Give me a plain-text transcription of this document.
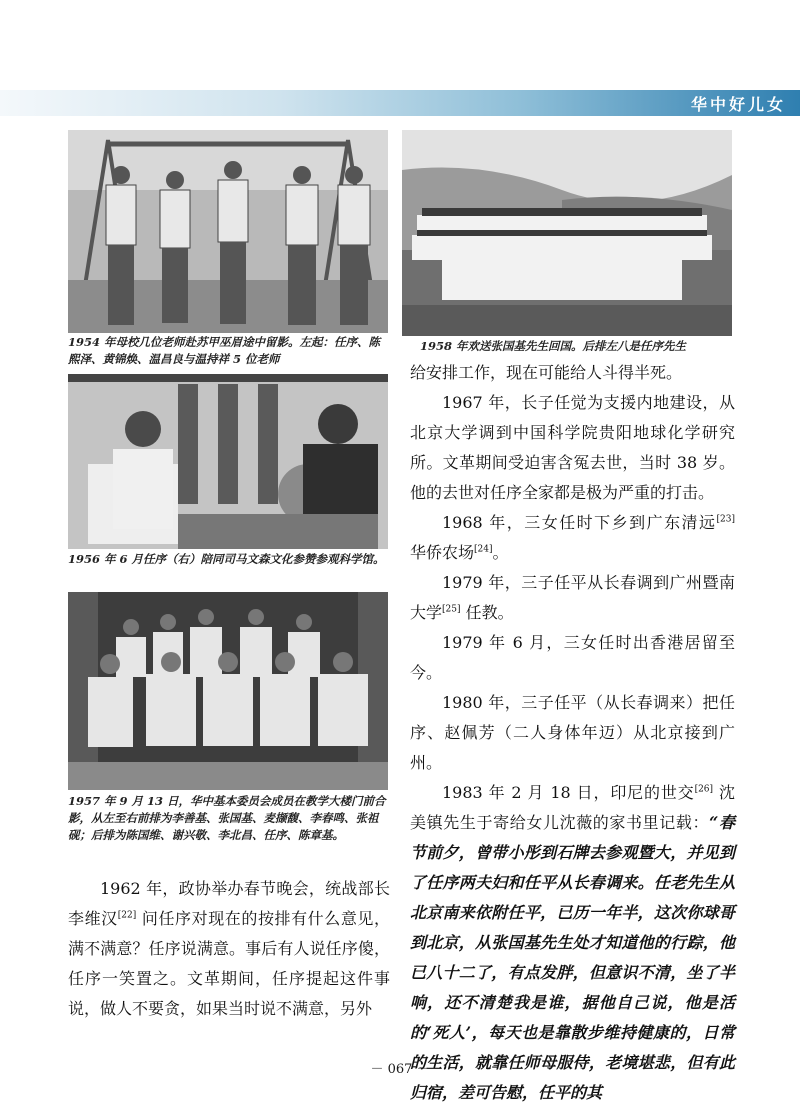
华中好儿女
1954 年母校几位老师赴苏甲巫眉途中留影。左起：任序、陈熙泽、黄锦焕、温昌良与温持祥 5 位老师
1956 年 6 月任序（右）陪同司马文森文化参赞参观科学馆。
1957 年 9 月 13 日，华中基本委员会成员在教学大楼门前合影，从左至右前排为李善基、张国基、麦撷馥、李春鸣、张祖砚；后排为陈国维、谢兴敬、李北昌、任序、陈章基。
1958 年欢送张国基先生回国。后排左八是任序先生

1962 年，政协举办春节晚会，统战部长李维汉[22] 问任序对现在的按排有什么意见，满不满意？任序说满意。事后有人说任序傻，任序一笑置之。文革期间，任序提起这件事说，做人不要贪，如果当时说不满意，另外

给安排工作，现在可能给人斗得半死。

1967 年，长子任觉为支援内地建设，从北京大学调到中国科学院贵阳地球化学研究所。文革期间受迫害含冤去世，当时 38 岁。他的去世对任序全家都是极为严重的打击。

1968 年，三女任时下乡到广东清远[23] 华侨农场[24]。

1979 年，三子任平从长春调到广州暨南大学[25] 任教。

1979 年 6 月，三女任时出香港居留至今。

1980 年，三子任平（从长春调来）把任序、赵佩芳（二人身体年迈）从北京接到广州。

1983 年 2 月 18 日，印尼的世交[26] 沈美镇先生于寄给女儿沈薇的家书里记载：“春节前夕，曾带小彤到石牌去参观暨大，并见到了任序两夫妇和任平从长春调来。任老先生从北京南来依附任平，已历一年半，这次你球哥到北京，从张国基先生处才知道他的行踪，他已八十二了，有点发胖，但意识不清，坐了半响，还不清楚我是谁，据他自己说，他是活的‘死人’，每天也是靠散步维持健康的，日常的生活，就靠任师母服侍，老境堪悲，但有此归宿，差可告慰，任平的其

－ 067 －
